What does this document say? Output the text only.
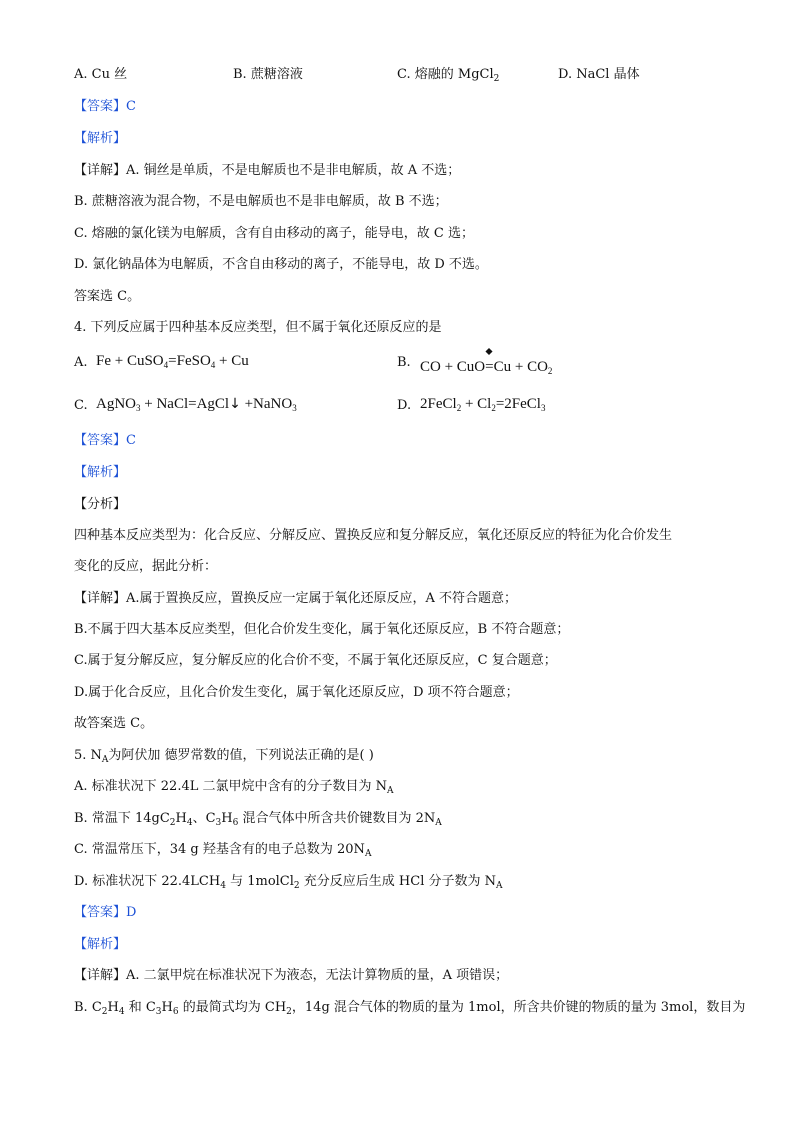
A. Cu 丝	B. 蔗糖溶液	C. 熔融的 MgCl$_2$	D. NaCl 晶体
【答案】C
【解析】
【详解】A. 铜丝是单质，不是电解质也不是非电解质，故 A 不选；
B. 蔗糖溶液为混合物，不是电解质也不是非电解质，故 B 不选；
C. 熔融的氯化镁为电解质，含有自由移动的离子，能导电，故 C 选；
D. 氯化钠晶体为电解质，不含自由移动的离子，不能导电，故 D 不选。
答案选 C。
4. 下列反应属于四种基本反应类型，但不属于氧化还原反应的是
A. Fe + CuSO$_4$=FeSO$_4$ + Cu	B. CO + CuO
$=Cu + CO_2$
C. AgNO$_3$ + NaCl=AgCl↓ +NaNO$_3$	D. 2FeCl$_2$ + $Cl_2=2FeCl_3$
【答案】C
【解析】
【分析】
四种基本反应类型为：化合反应、分解反应、置换反应和复分解反应，氧化还原反应的特征为化合价发生
变化的反应，据此分析：
【详解】A.属于置换反应，置换反应一定属于氧化还原反应，A 不符合题意；
B.不属于四大基本反应类型，但化合价发生变化，属于氧化还原反应，B 不符合题意；
C.属于复分解反应，复分解反应的化合价不变，不属于氧化还原反应，C 复合题意；
D.属于化合反应，且化合价发生变化，属于氧化还原反应，D 项不符合题意；
故答案选 C。
5. $N_A$为阿伏加 德罗常数的值，下列说法正确的是( )
A. 标准状况下 22.4L 二氯甲烷中含有的分子数目为 $N_A$
B. 常温下 $14gC_2H_4$、$C_3H_6$ 混合气体中所含共价键数目为 $2N_A$
C. 常温常压下，34 g 羟基含有的电子总数为 $20N_A$
D. 标准状况下 $22.4LCH_4$ 与 1molCl$_2$ 充分反应后生成 HCl 分子数为 $N_A$
【答案】D
【解析】
【详解】A. 二氯甲烷在标准状况下为液态，无法计算物质的量，A 项错误；
B. $C_2H_4$ 和 $C_3H_6$ 的最简式均为 $CH_2$，14g 混合气体的物质的量为 1mol，所含共价键的物质的量为 3mol，数目为
